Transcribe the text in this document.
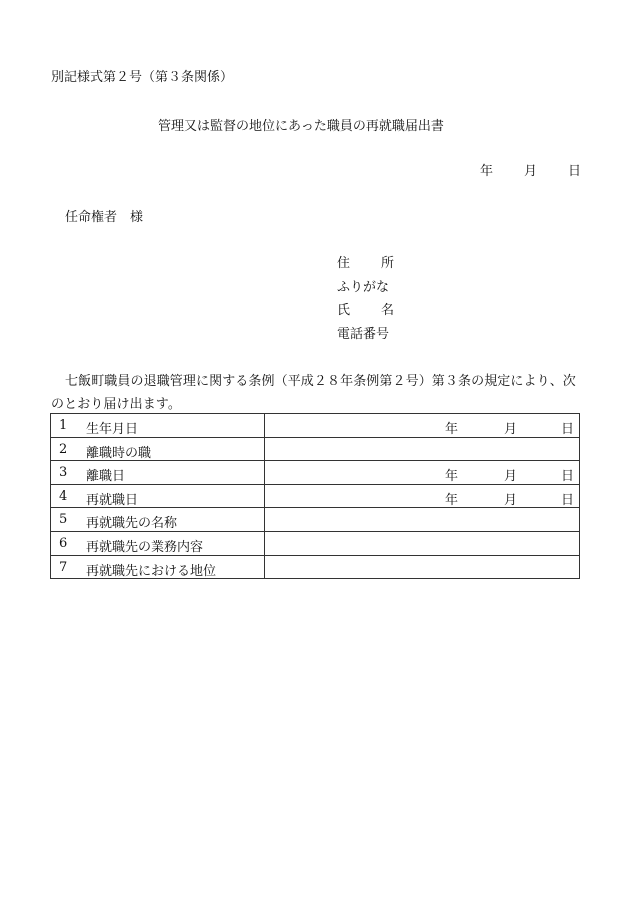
別記様式第２号（第３条関係）
管理又は監督の地位にあった職員の再就職届出書
年 月 日
任命権者　様
住 所
ふりがな
氏 名
電話番号
七飯町職員の退職管理に関する条例（平成２８年条例第２号）第３条の規定により、次のとおり届け出ます。
1 生年月日	年 月 日

2 離職時の職	

3 離職日	年 月 日

4 再就職日	年 月 日

5 再就職先の名称	

6 再就職先の業務内容	

7 再就職先における地位	
